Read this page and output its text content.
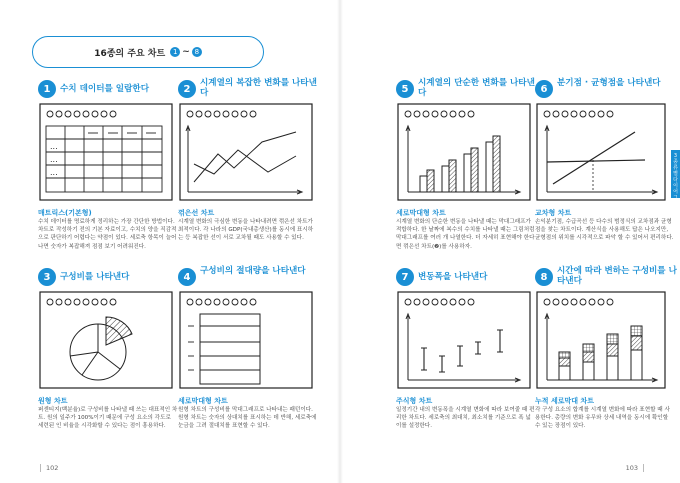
16종의 주요 차트
	1 ~ 8
1	수치 데이터를 일람한다
...
...
...
매트릭스(기본형)
수치 데이터를 명료하게 정리하는 가장 간단한 방법이다. 차트로 작성하기 전의 기본 자료이고, 수치의 양을 직감적으로 판단하기 어렵다는 약점이 있다. 세로축 항목이 늘어나면 숫자가 복잡해져 점점 보기 어려워진다.
2
시계열의 복잡한 변화를 나타낸다
꺾은선 차트
시계열 변화의 극심한 변동을 나타내려면 꺾은선 차트가 최적이다. 각 나라의 GDP(국내총생산)를 동시에 표시하는 등 복잡한 선이 서로 교차될 때도 사용할 수 있다.
3	구성비를 나타낸다
원형 차트
퍼센티지(백분율)로 구성비를 나타낼 때 쓰는 대표적인 차트. 원의 일주가 100%이기 때문에 구성 요소의 각도로 세련된 인 비율을 시각화할 수 있다는 점이 흥용하다.
4
구성비의 절대량을 나타낸다
세로막대형 차트
원형 차트의 구성비를 막대그래프로 나타내는 패턴이다. 원형 차트는 숫자의 상대치를 표시하는 데 반해, 세로축에 눈금을 그려 절대치를 표현할 수 있다.
5
시계열의 단순한 변화를 나타낸다
세로막대형 차트
시계열 변화의 단순한 변동을 나타낼 때는 막대그래프가 적합하다. 한 날짜에 복수의 수치를 나타낼 때는 그림처럼 막대그래프를 여러 개 나열한다. 더 자세히 표현해야 한다면 꺾은선 차트(❷)를 사용하자.
6
분기점 · 균형점을 나타낸다
교차형 차트
손익분기점, 수급곡선 등 다수의 범정식의 교차점과 균형점을 찾는 차트이다. 계산식을 사용해도 답은 나오지만, 균형점의 위치를 시각적으로 파악 할 수 있어서 편리하다.
7	변동폭을 나타낸다
주식형 차트
일정기간 내의 변동폭을 시계열 변화에 따라 보여줄 때 편리한 차트다. 세로축의 최대치, 최소치를 기준으로 폭 넓이를 설정한다.
8
시간에 따라 변하는 구성비를 나타낸다
누적 세로막대 차트
각 구성 요소의 합계를 시계열 변화에 따라 표현할 때 사용한다. 총량의 변화 유무와 상세 내역을 동시에 확인할 수 있는 장점이 있다.
3
종류 별
다이어그램
102	103
